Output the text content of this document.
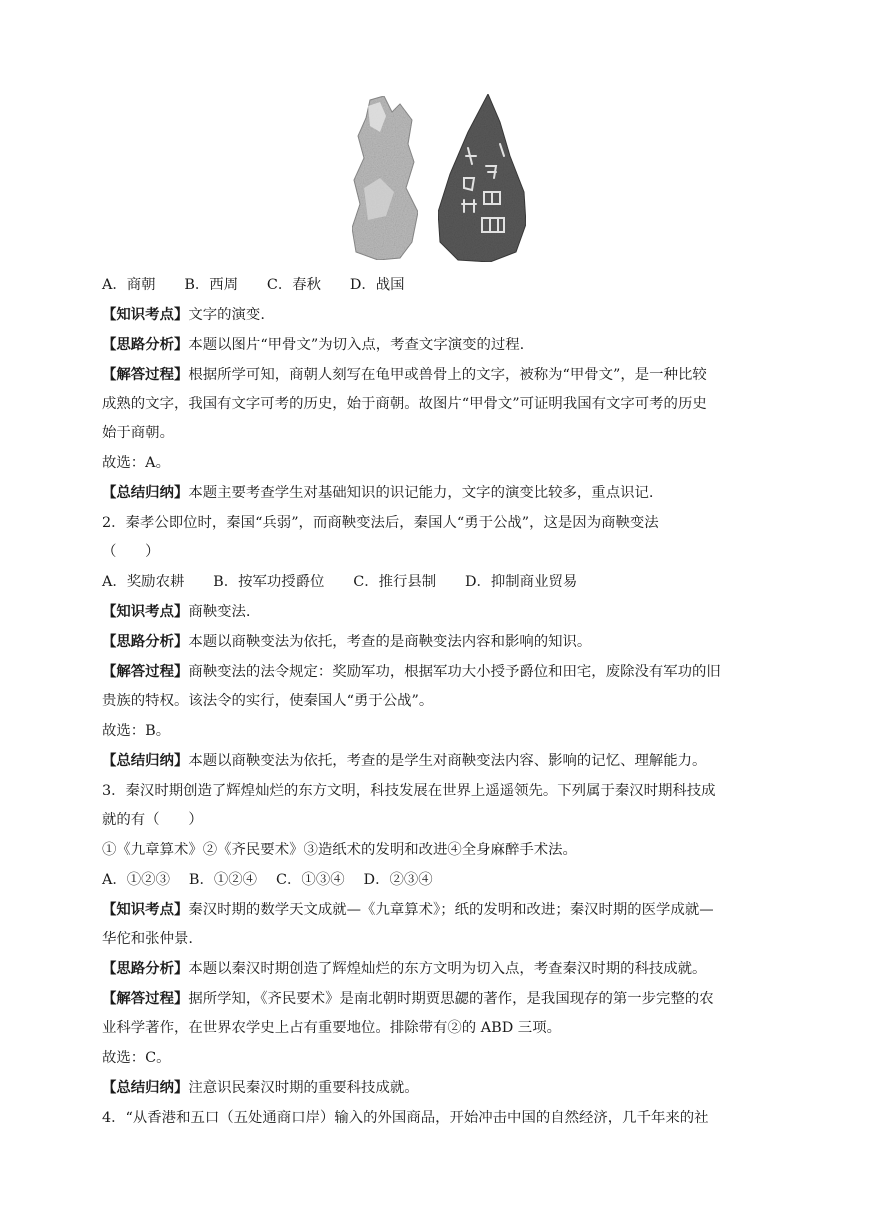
A．商朝　　B．西周　　C．春秋　　D．战国
【知识考点】文字的演变.
【思路分析】本题以图片“甲骨文”为切入点，考查文字演变的过程.
【解答过程】根据所学可知，商朝人刻写在龟甲或兽骨上的文字，被称为“甲骨文”，是一种比较
成熟的文字，我国有文字可考的历史，始于商朝。故图片“甲骨文”可证明我国有文字可考的历史
始于商朝。
故选：A。
【总结归纳】本题主要考查学生对基础知识的识记能力，文字的演变比较多，重点识记.
2．秦孝公即位时，秦国“兵弱”，而商鞅变法后，秦国人“勇于公战”，这是因为商鞅变法
（　　）
A．奖励农耕　　B．按军功授爵位　　C．推行县制　　D．抑制商业贸易
【知识考点】商鞅变法.
【思路分析】本题以商鞅变法为依托，考查的是商鞅变法内容和影响的知识。
【解答过程】商鞅变法的法令规定：奖励军功，根据军功大小授予爵位和田宅，废除没有军功的旧
贵族的特权。该法令的实行，使秦国人“勇于公战”。
故选：B。
【总结归纳】本题以商鞅变法为依托，考查的是学生对商鞅变法内容、影响的记忆、理解能力。
3．秦汉时期创造了辉煌灿烂的东方文明，科技发展在世界上遥遥领先。下列属于秦汉时期科技成
就的有（　　）
①《九章算术》②《齐民要术》③造纸术的发明和改进④全身麻醉手术法。
A．①②③　 B．①②④　 C．①③④　 D．②③④
【知识考点】秦汉时期的数学天文成就—《九章算术》；纸的发明和改进；秦汉时期的医学成就—
华佗和张仲景.
【思路分析】本题以秦汉时期创造了辉煌灿烂的东方文明为切入点，考查秦汉时期的科技成就。
【解答过程】据所学知，《齐民要术》是南北朝时期贾思勰的著作，是我国现存的第一步完整的农
业科学著作，在世界农学史上占有重要地位。排除带有②的 ABD 三项。
故选：C。
【总结归纳】注意识民秦汉时期的重要科技成就。
4．“从香港和五口（五处通商口岸）输入的外国商品，开始冲击中国的自然经济，几千年来的社
